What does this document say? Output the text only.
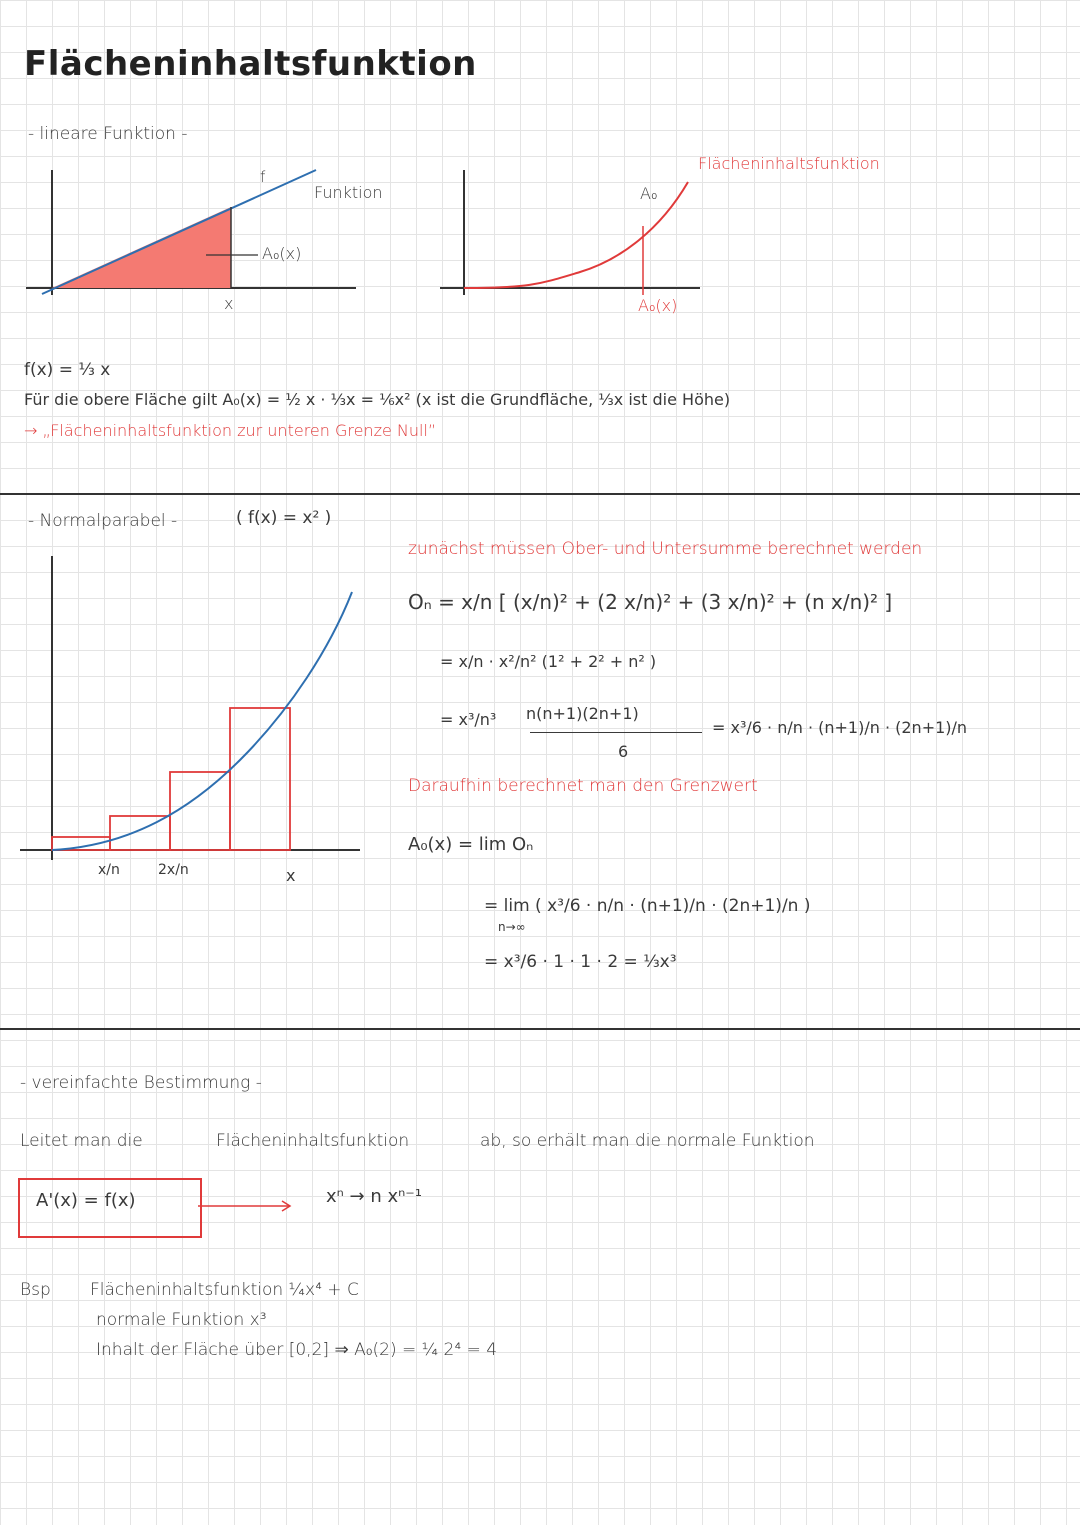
Flächeninhaltsfunktion
- lineare Funktion -
f
Funktion
A₀(x)
x
Flächeninhaltsfunktion
A₀
A₀(x)
f(x) = ⅓ x
Für die obere Fläche gilt A₀(x) = ½ x · ⅓x = ⅙x² (x ist die Grundfläche, ⅓x ist die Höhe)
→ „Flächeninhaltsfunktion zur unteren Grenze Null”
- Normalparabel -	( f(x) = x² )
x/n	2x/n	x
zunächst müssen Ober- und Untersumme berechnet werden
Oₙ = x/n [ (x/n)² + (2 x/n)² + (3 x/n)² + (n x/n)² ]
= x/n · x²/n² (1² + 2² + n² )
= x³/n³ n(n+1)(2n+1)
6
= x³/6 · n/n · (n+1)/n · (2n+1)/n
Daraufhin berechnet man den Grenzwert
A₀(x) = lim Oₙ
= lim ( x³/6 · n/n · (n+1)/n · (2n+1)/n )
n→∞
= x³/6 · 1 · 1 · 2 = ⅓x³
- vereinfachte Bestimmung -
Leitet man die	Flächeninhaltsfunktion	ab, so erhält man die normale Funktion
A'(x) = f(x)	xⁿ → n xⁿ⁻¹
Bsp Flächeninhaltsfunktion ¼x⁴ + C
normale Funktion x³
Inhalt der Fläche über [0,2] ⇒ A₀(2) = ¼ 2⁴ = 4
